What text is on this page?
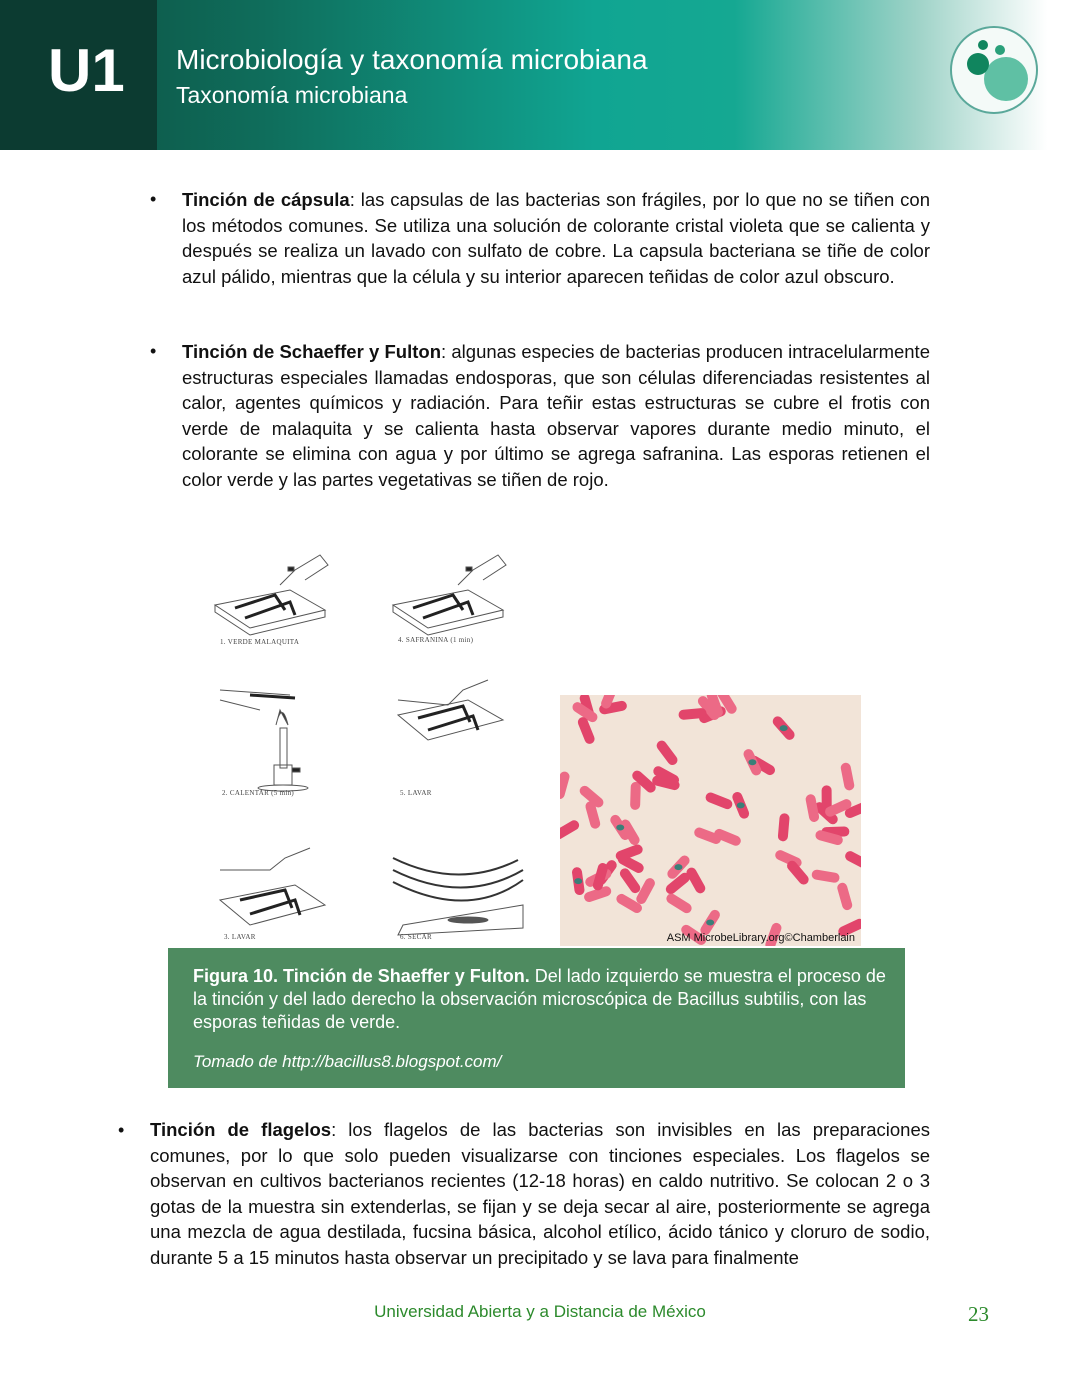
U1 Microbiología y taxonomía microbiana
Taxonomía microbiana
• Tinción de cápsula: las capsulas de las bacterias son frágiles, por lo que no se tiñen con los métodos comunes. Se utiliza una solución de colorante cristal violeta que se calienta y después se realiza un lavado con sulfato de cobre. La capsula bacteriana se tiñe de color azul pálido, mientras que la célula y su interior aparecen teñidas de color azul obscuro.
• Tinción de Schaeffer y Fulton: algunas especies de bacterias producen intracelularmente estructuras especiales llamadas endosporas, que son células diferenciadas resistentes al calor, agentes químicos y radiación. Para teñir estas estructuras se cubre el frotis con verde de malaquita y se calienta hasta observar vapores durante medio minuto, el colorante se elimina con agua y por último se agrega safranina. Las esporas retienen el color verde y las partes vegetativas se tiñen de rojo.
1. VERDE MALAQUITA
2. CALENTAR (5 min)
3. LAVAR
4. SAFRANINA (1 min)
5. LAVAR
6. SECAR	ASM MicrobeLibrary.org©Chamberlain
Figura 10. Tinción de Shaeffer y Fulton. Del lado izquierdo se muestra el proceso de la tinción y del lado derecho la observación microscópica de Bacillus subtilis, con las esporas teñidas de verde.
Tomado de http://bacillus8.blogspot.com/
• Tinción de flagelos: los flagelos de las bacterias son invisibles en las preparaciones comunes, por lo que solo pueden visualizarse con tinciones especiales. Los flagelos se observan en cultivos bacterianos recientes (12-18 horas) en caldo nutritivo. Se colocan 2 o 3 gotas de la muestra sin extenderlas, se fijan y se deja secar al aire, posteriormente se agrega una mezcla de agua destilada, fucsina básica, alcohol etílico, ácido tánico y cloruro de sodio, durante 5 a 15 minutos hasta observar un precipitado y se lava para finalmente
Universidad Abierta y a Distancia de México	23
